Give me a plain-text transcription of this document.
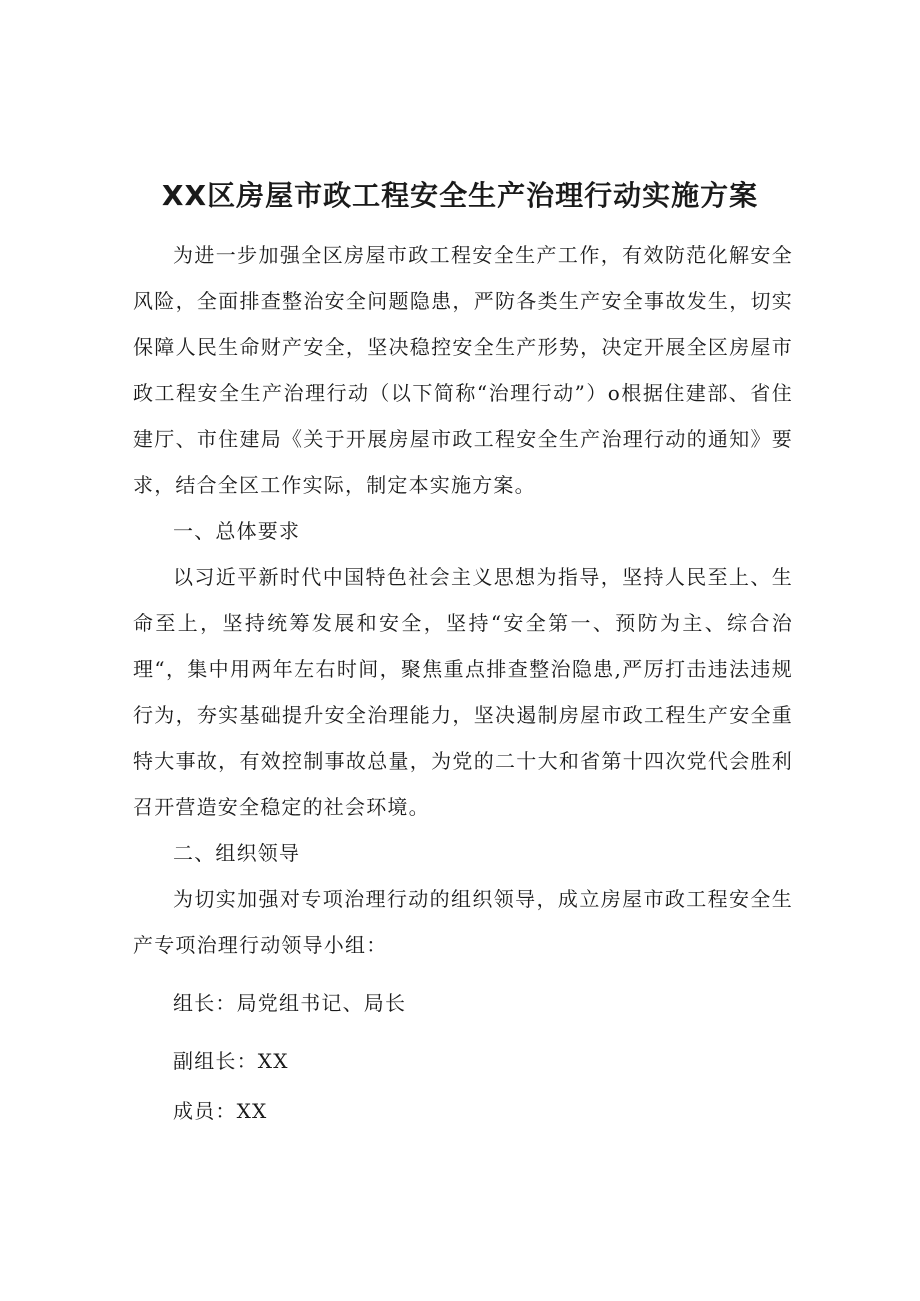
XX区房屋市政工程安全生产治理行动实施方案

为进一步加强全区房屋市政工程安全生产工作，有效防范化解安全风险，全面排查整治安全问题隐患，严防各类生产安全事故发生，切实保障人民生命财产安全，坚决稳控安全生产形势，决定开展全区房屋市政工程安全生产治理行动（以下简称“治理行动”）o根据住建部、省住建厅、市住建局《关于开展房屋市政工程安全生产治理行动的通知》要求，结合全区工作实际，制定本实施方案。

一、总体要求

以习近平新时代中国特色社会主义思想为指导，坚持人民至上、生命至上，坚持统筹发展和安全，坚持“安全第一、预防为主、综合治理“，集中用两年左右时间，聚焦重点排查整治隐患,严厉打击违法违规行为，夯实基础提升安全治理能力，坚决遏制房屋市政工程生产安全重特大事故，有效控制事故总量，为党的二十大和省第十四次党代会胜利召开营造安全稳定的社会环境。

二、组织领导

为切实加强对专项治理行动的组织领导，成立房屋市政工程安全生产专项治理行动领导小组：

组长：局党组书记、局长

副组长：XX

成员：XX
